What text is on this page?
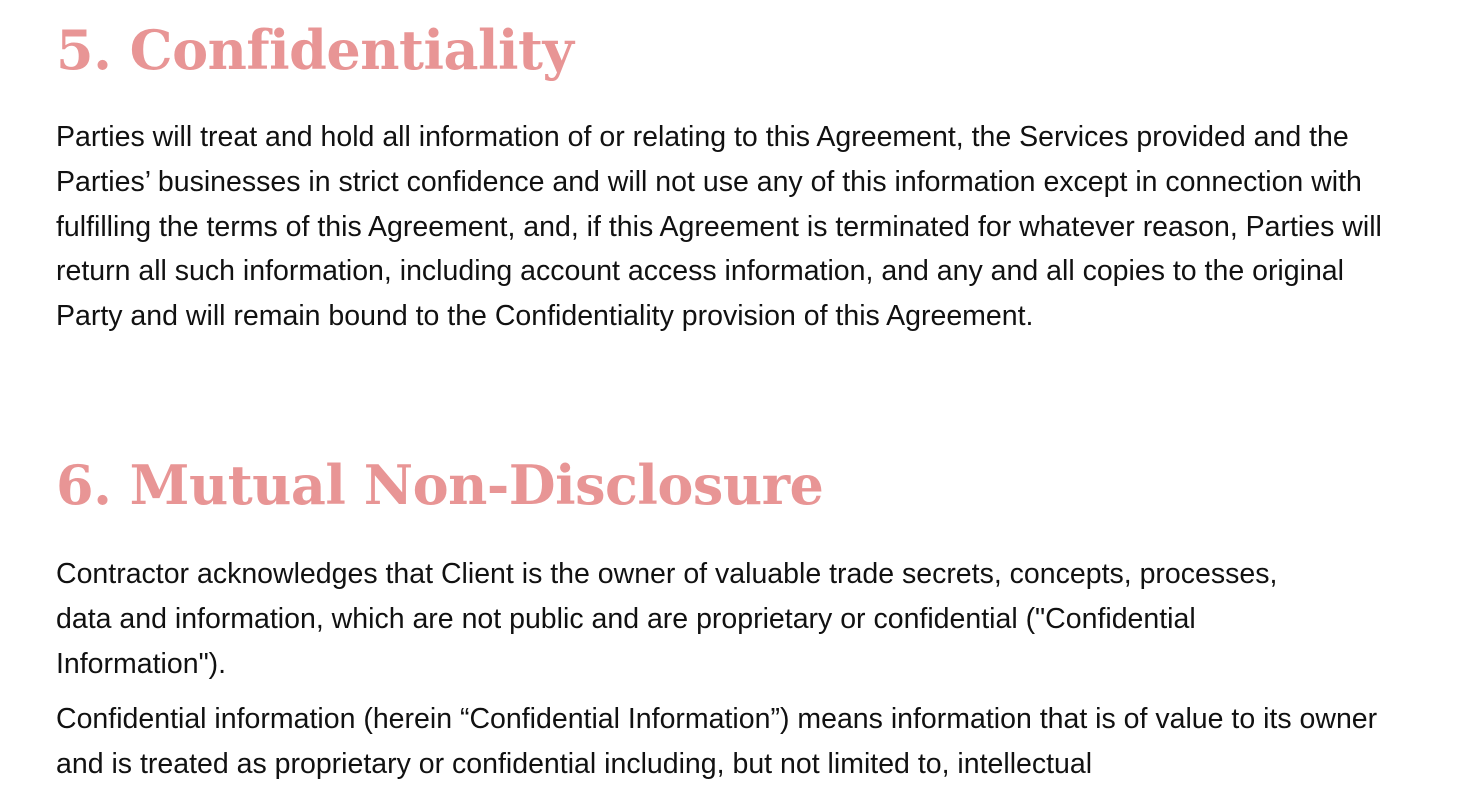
5. Confidentiality

Parties will treat and hold all information of or relating to this Agreement, the Services provided and the Parties’ businesses in strict confidence and will not use any of this information except in connection with fulfilling the terms of this Agreement, and, if this Agreement is terminated for whatever reason, Parties will return all such information, including account access information, and any and all copies to the original Party and will remain bound to the Confidentiality provision of this Agreement.

6. Mutual Non-Disclosure

Contractor acknowledges that Client is the owner of valuable trade secrets, concepts, processes, data and information, which are not public and are proprietary or confidential ("Confidential Information").

Confidential information (herein “Confidential Information”) means information that is of value to its owner and is treated as proprietary or confidential including, but not limited to, intellectual
